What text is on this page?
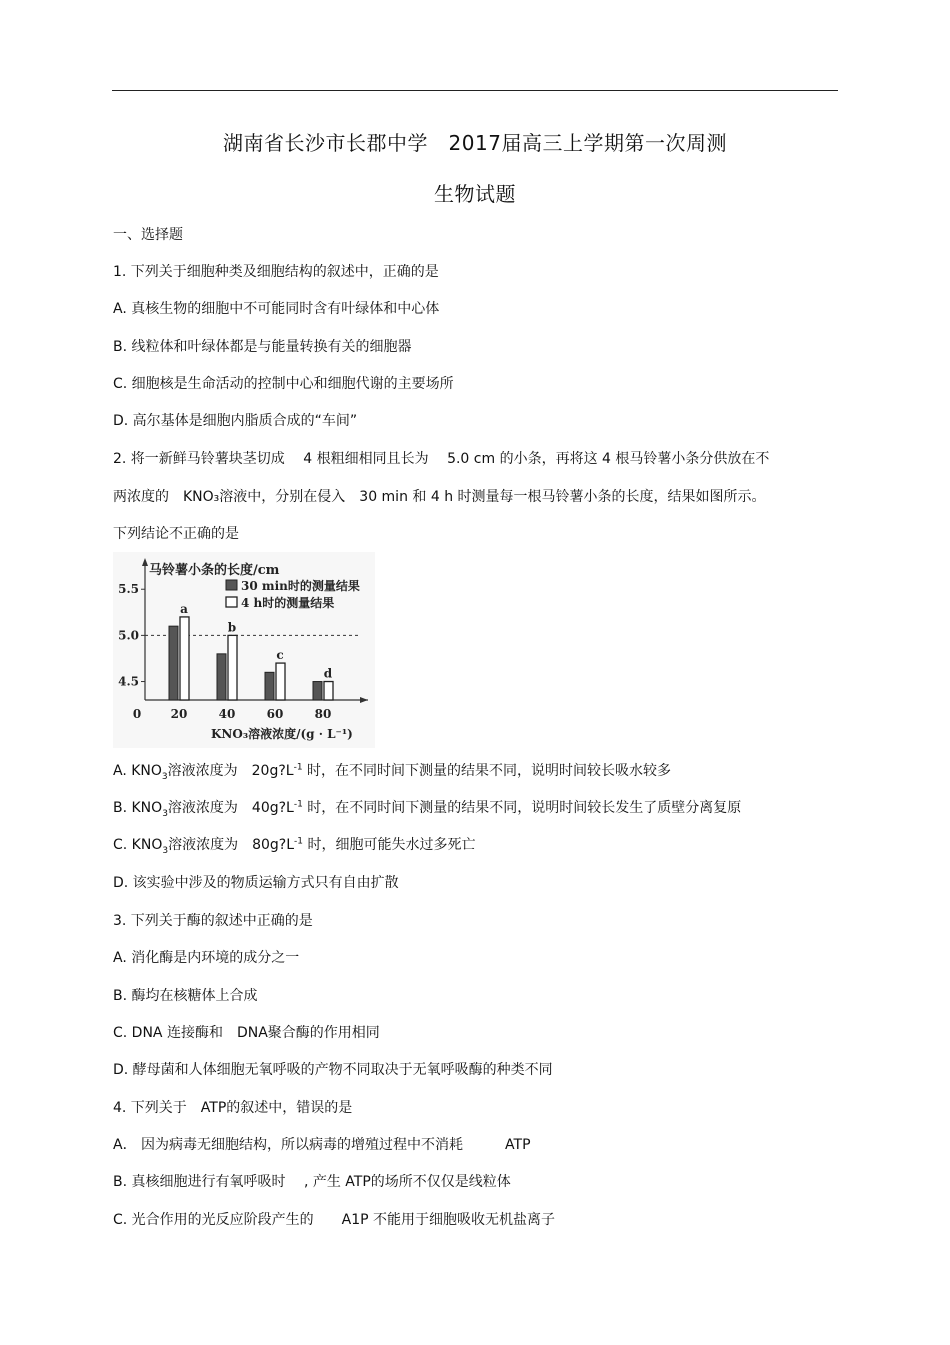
湖南省长沙市长郡中学　2017届高三上学期第一次周测
生物试题
一、选择题
1. 下列关于细胞种类及细胞结构的叙述中，正确的是
A. 真核生物的细胞中不可能同时含有叶绿体和中心体
B. 线粒体和叶绿体都是与能量转换有关的细胞器
C. 细胞核是生命活动的控制中心和细胞代谢的主要场所
D. 高尔基体是细胞内脂质合成的“车间”
2. 将一新鲜马铃薯块茎切成　 4 根粗细相同且长为　 5.0 cm 的小条，再将这 4 根马铃薯小条分供放在不
两浓度的　KNO₃溶液中，分别在侵入　30 min 和 4 h 时测量每一根马铃薯小条的长度，结果如图所示。
下列结论不正确的是
4.5
5.0
5.5
0
a
20
b
40
c
60
d
80
马铃薯小条的长度/cm
30 min时的测量结果
4 h时的测量结果
KNO₃溶液浓度/(g · L⁻¹)
A. $KNO_3$溶液浓度为　$20g?L^{-1}$ 时，在不同时间下测量的结果不同，说明时间较长吸水较多
B. $KNO_3$溶液浓度为　$40g?L^{-1}$ 时，在不同时间下测量的结果不同，说明时间较长发生了质壁分离复原
C. $KNO_3$溶液浓度为　$80g?L^{-1}$ 时，细胞可能失水过多死亡
D. 该实验中涉及的物质运输方式只有自由扩散
3. 下列关于酶的叙述中正确的是
A. 消化酶是内环境的成分之一
B. 酶均在核糖体上合成
C. DNA 连接酶和　DNA聚合酶的作用相同
D. 酵母菌和人体细胞无氧呼吸的产物不同取决于无氧呼吸酶的种类不同
4. 下列关于　ATP的叙述中，错误的是
A． 因为病毒无细胞结构，所以病毒的增殖过程中不消耗　　　ATP
B. 真核细胞进行有氧呼吸时　 , 产生 ATP的场所不仅仅是线粒体
C. 光合作用的光反应阶段产生的　　A1P 不能用于细胞吸收无机盐离子
